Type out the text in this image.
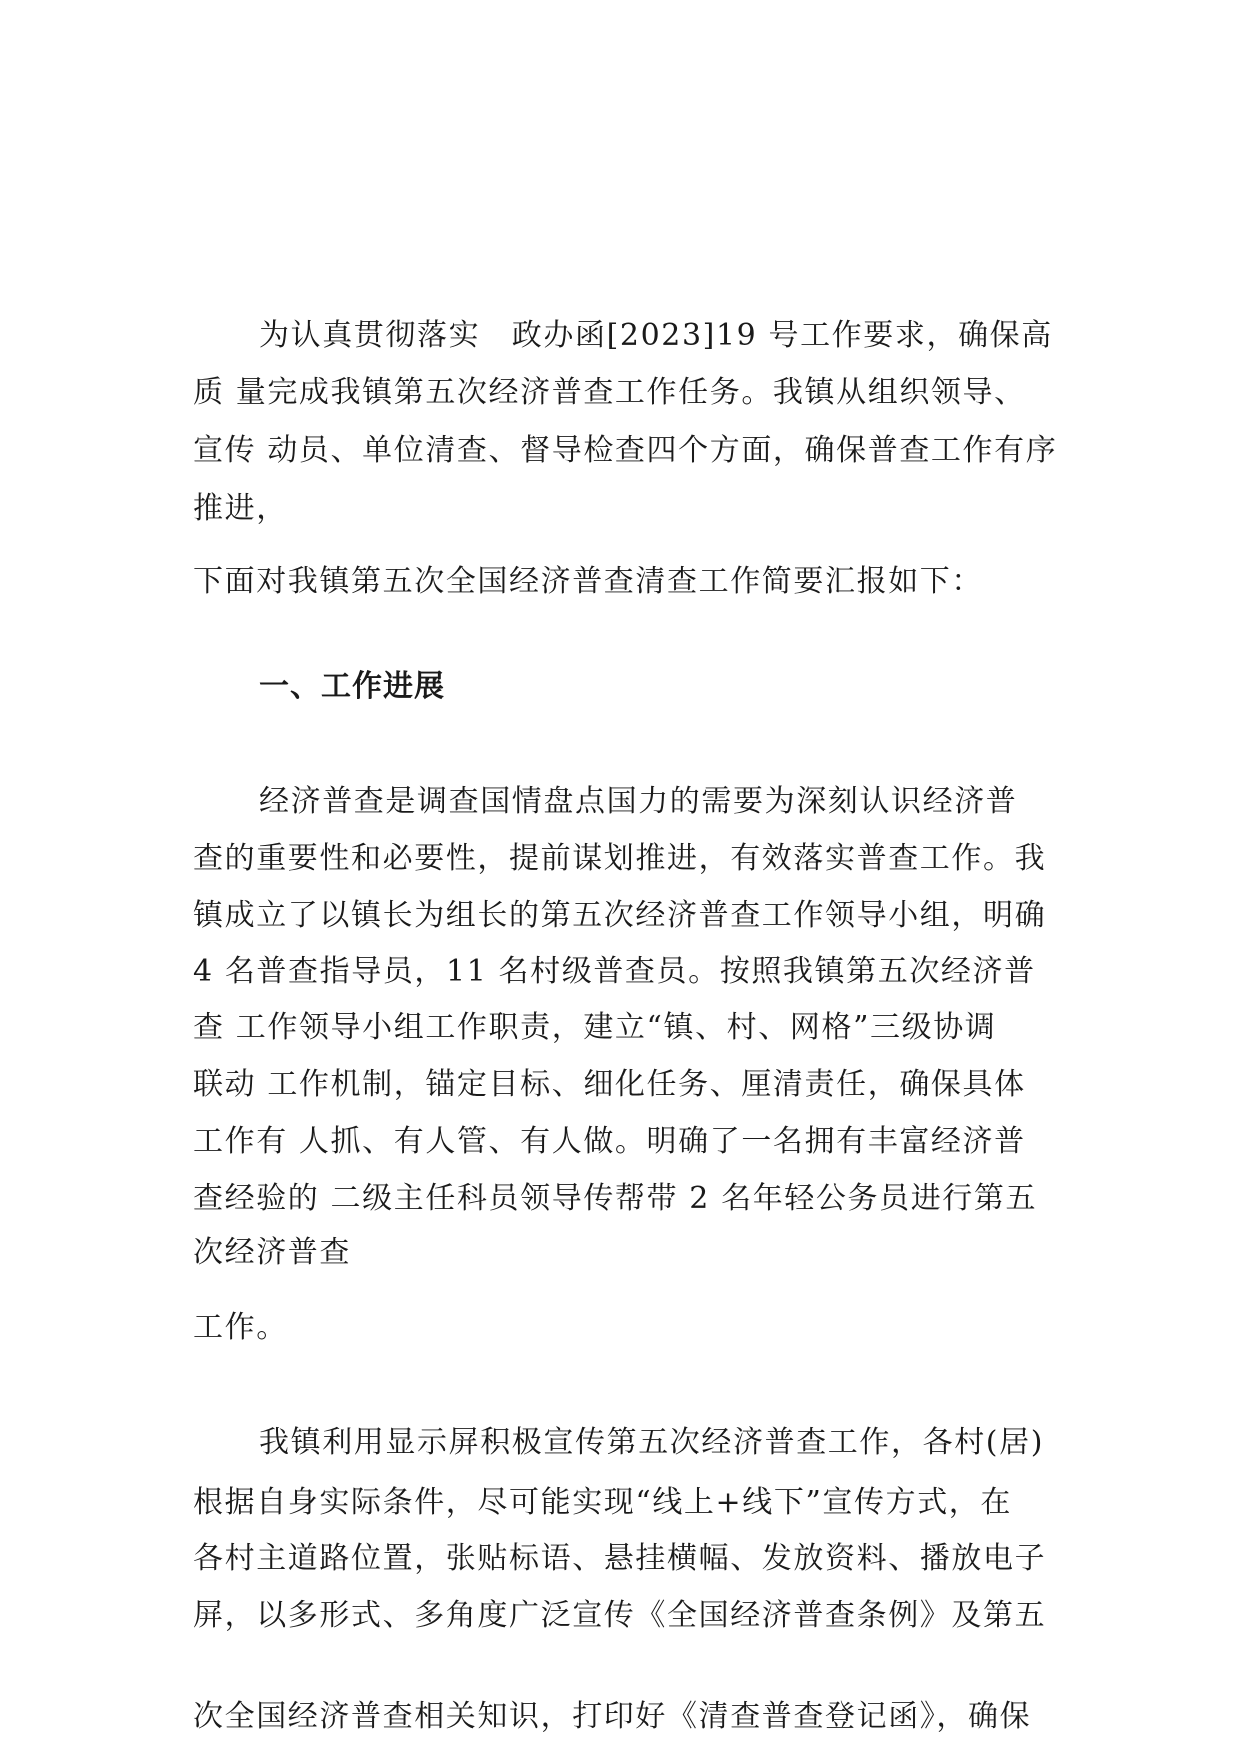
为认真贯彻落实　政办函[2023]19 号工作要求，确保高
质 量完成我镇第五次经济普查工作任务。我镇从组织领导、
宣传 动员、单位清查、督导检查四个方面，确保普查工作有序
推进，
下面对我镇第五次全国经济普查清查工作简要汇报如下：
一、工作进展
经济普查是调查国情盘点国力的需要为深刻认识经济普
查的重要性和必要性，提前谋划推进，有效落实普查工作。我
镇成立了以镇长为组长的第五次经济普查工作领导小组，明确
4 名普查指导员，11 名村级普查员。按照我镇第五次经济普
查 工作领导小组工作职责，建立“镇、村、网格”三级协调
联动 工作机制，锚定目标、细化任务、厘清责任，确保具体
工作有 人抓、有人管、有人做。明确了一名拥有丰富经济普
查经验的 二级主任科员领导传帮带 2 名年轻公务员进行第五
次经济普查
工作。
我镇利用显示屏积极宣传第五次经济普查工作，各村(居)
根据自身实际条件，尽可能实现“线上+线下”宣传方式，在
各村主道路位置，张贴标语、悬挂横幅、发放资料、播放电子
屏，以多形式、多角度广泛宣传《全国经济普查条例》及第五
次全国经济普查相关知识，打印好《清查普查登记函》，确保
